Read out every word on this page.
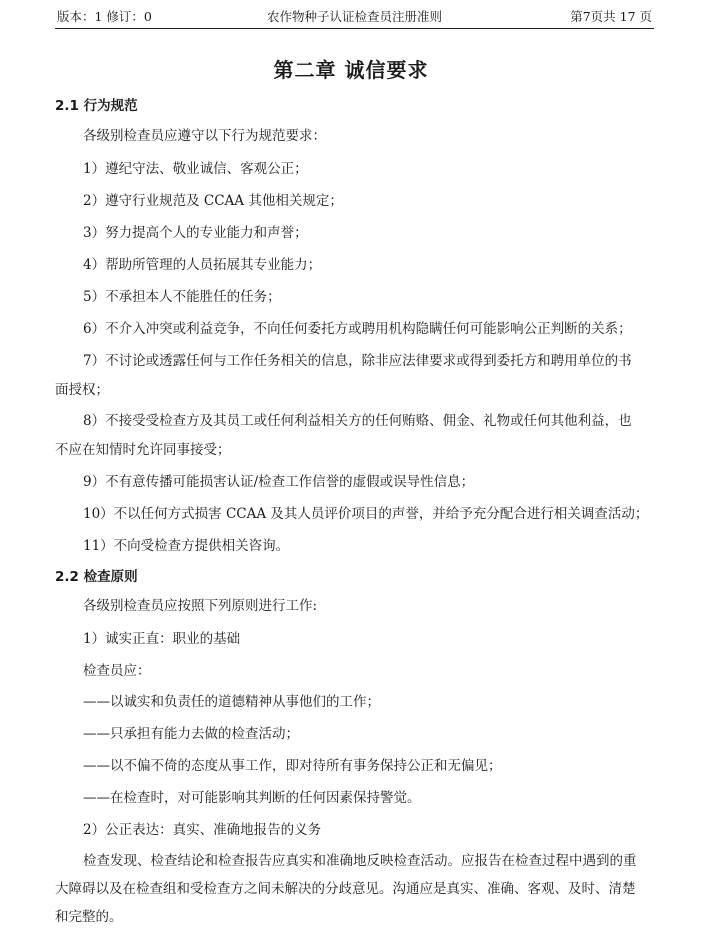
版本：1 修订：0	农作物种子认证检查员注册准则	第7页共 17 页
第二章 诚信要求
2.1 行为规范
各级别检查员应遵守以下行为规范要求：
1）遵纪守法、敬业诚信、客观公正；
2）遵守行业规范及 CCAA 其他相关规定；
3）努力提高个人的专业能力和声誉；
4）帮助所管理的人员拓展其专业能力；
5）不承担本人不能胜任的任务；
6）不介入冲突或利益竞争，不向任何委托方或聘用机构隐瞒任何可能影响公正判断的关系；
7）不讨论或透露任何与工作任务相关的信息，除非应法律要求或得到委托方和聘用单位的书
面授权；
8）不接受受检查方及其员工或任何利益相关方的任何贿赂、佣金、礼物或任何其他利益，也
不应在知情时允许同事接受；
9）不有意传播可能损害认证/检查工作信誉的虚假或误导性信息；
10）不以任何方式损害 CCAA 及其人员评价项目的声誉，并给予充分配合进行相关调查活动；
11）不向受检查方提供相关咨询。
2.2 检查原则
各级别检查员应按照下列原则进行工作:
1）诚实正直：职业的基础
检查员应：
——以诚实和负责任的道德精神从事他们的工作；
——只承担有能力去做的检查活动；
——以不偏不倚的态度从事工作，即对待所有事务保持公正和无偏见；
——在检查时，对可能影响其判断的任何因素保持警觉。
2）公正表达：真实、准确地报告的义务
检查发现、检查结论和检查报告应真实和准确地反映检查活动。应报告在检查过程中遇到的重
大障碍以及在检查组和受检查方之间未解决的分歧意见。沟通应是真实、准确、客观、及时、清楚
和完整的。
